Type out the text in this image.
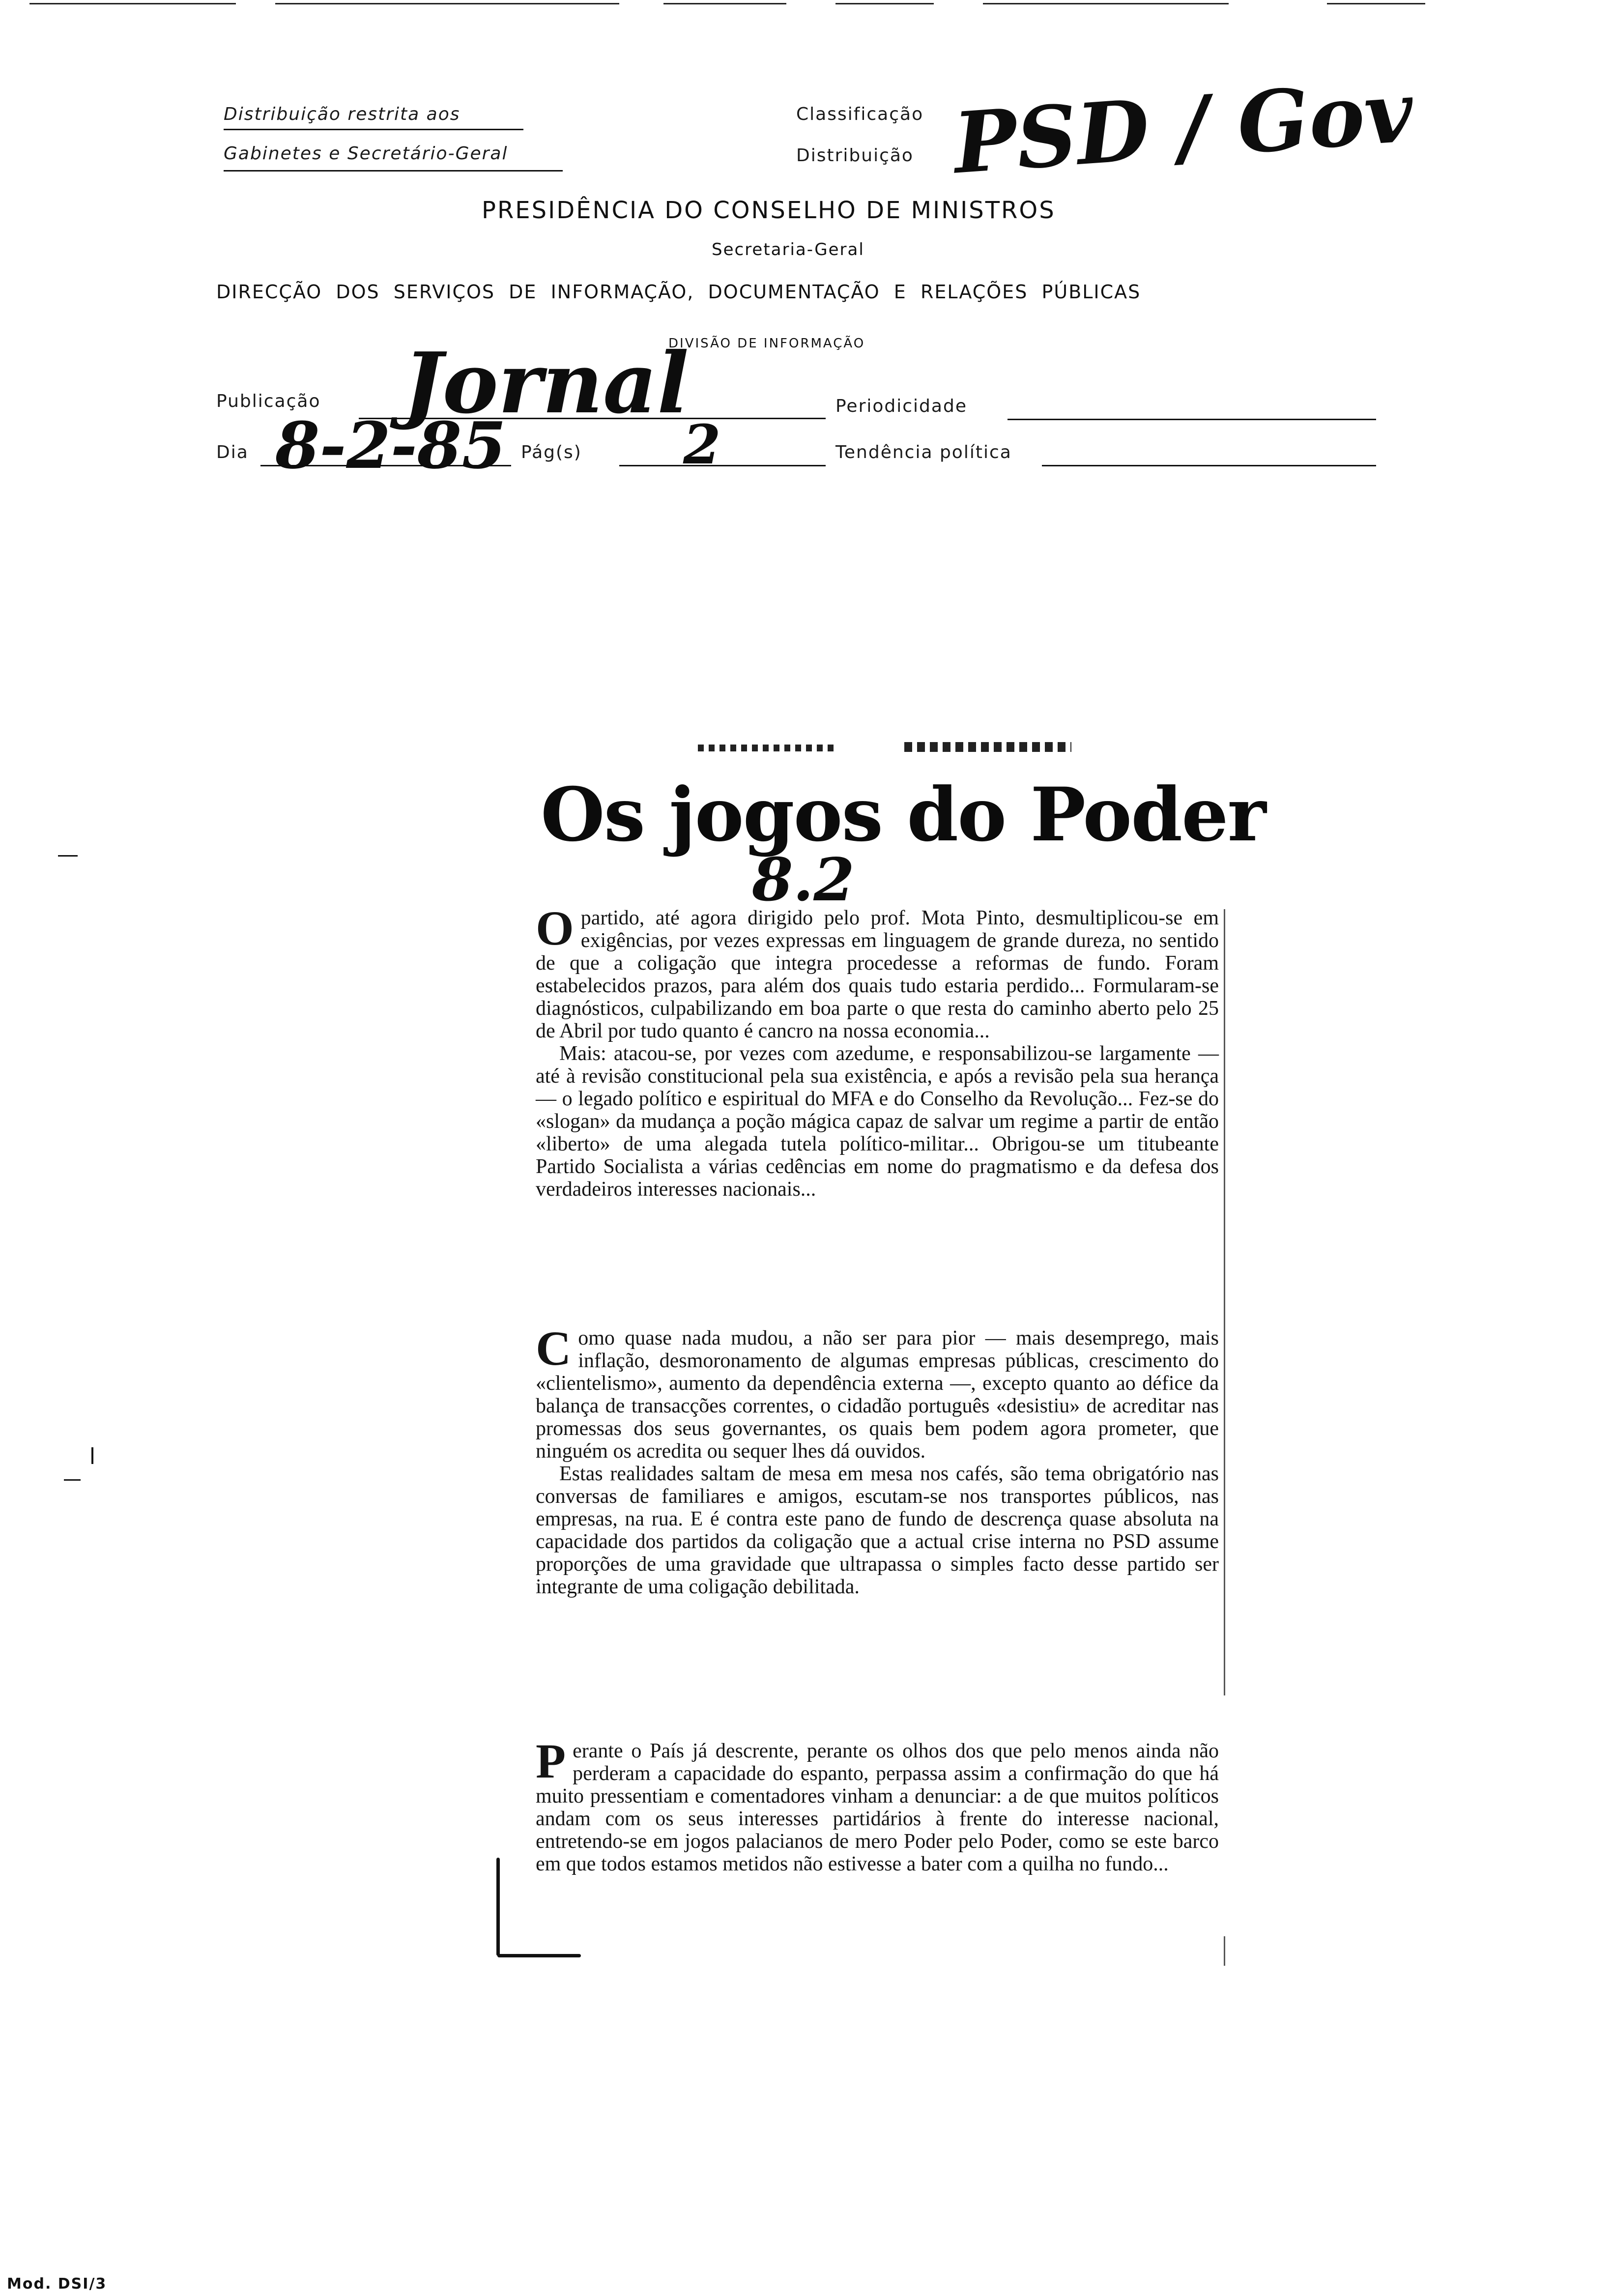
Distribuição restrita aos
Gabinetes e Secretário-Geral
Classificação
Distribuição PSD / Gov
PRESIDÊNCIA DO CONSELHO DE MINISTROS
Secretaria-Geral
DIRECÇÃO  DOS  SERVIÇOS  DE  INFORMAÇÃO,  DOCUMENTAÇÃO  E  RELAÇÕES  PÚBLICAS
DIVISÃO DE INFORMAÇÃO
Publicação Jornal	Periodicidade
Dia 8-2-85 Pág(s) 2	Tendência política
Os jogos do Poder
8.2

Opartido, até agora dirigido pelo prof. Mota Pinto, desmultiplicou-se em exigências, por vezes expressas em linguagem de grande dureza, no sentido de que a coligação que integra procedesse a reformas de fundo. Foram estabelecidos prazos, para além dos quais tudo estaria perdido... Formularam-se diagnósticos, culpabilizando em boa parte o que resta do caminho aberto pelo 25 de Abril por tudo quanto é cancro na nossa economia...

Mais: atacou-se, por vezes com azedume, e responsabilizou-se largamente — até à revisão constitucional pela sua existência, e após a revisão pela sua herança — o legado político e espiritual do MFA e do Conselho da Revolução... Fez-se do «slogan» da mudança a poção mágica capaz de salvar um regime a partir de então «liberto» de uma alegada tutela político-militar... Obrigou-se um titubeante Partido Socialista a várias cedências em nome do pragmatismo e da defesa dos verdadeiros interesses nacionais...

Como quase nada mudou, a não ser para pior — mais desemprego, mais inflação, desmoronamento de algumas empresas públicas, crescimento do «clientelismo», aumento da dependência externa —, excepto quanto ao défice da balança de transacções correntes, o cidadão português «desistiu» de acreditar nas promessas dos seus governantes, os quais bem podem agora prometer, que ninguém os acredita ou sequer lhes dá ouvidos.

Estas realidades saltam de mesa em mesa nos cafés, são tema obrigatório nas conversas de familiares e amigos, escutam-se nos transportes públicos, nas empresas, na rua. E é contra este pano de fundo de descrença quase absoluta na capacidade dos partidos da coligação que a actual crise interna no PSD assume proporções de uma gravidade que ultrapassa o simples facto desse partido ser integrante de uma coligação debilitada.

Perante o País já descrente, perante os olhos dos que pelo menos ainda não perderam a capacidade do espanto, perpassa assim a confirmação do que há muito pressentiam e comentadores vinham a denunciar: a de que muitos políticos andam com os seus interesses partidários à frente do interesse nacional, entretendo-se em jogos palacianos de mero Poder pelo Poder, como se este barco em que todos estamos metidos não estivesse a bater com a quilha no fundo...

Mod. DSI/3
